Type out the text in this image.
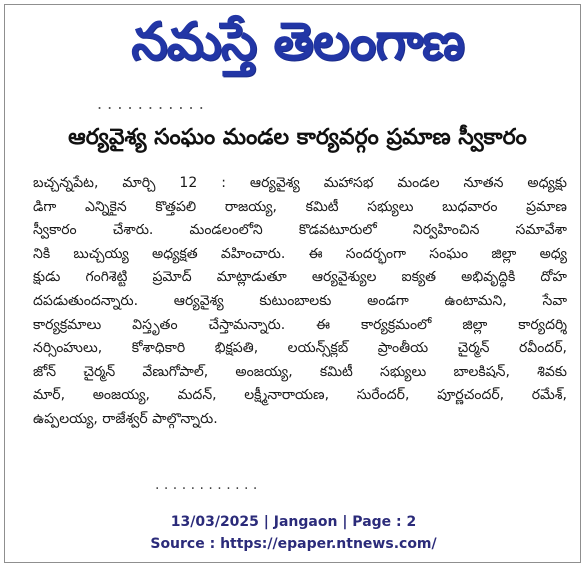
నమస్తే తెలంగాణ
. . . . . . . . . . .
ఆర్యవైశ్య సంఘం మండల కార్యవర్గం ప్రమాణ స్వీకారం
బచ్చన్నపేట, మార్చి 12 : ఆర్యవైశ్య మహాసభ మండల నూతన అధ్యక్షు
డిగా ఎన్నికైన కొత్తపలి రాజయ్య, కమిటీ సభ్యులు బుధవారం ప్రమాణ
స్వీకారం చేశారు. మండలంలోని కొడవటూరులో నిర్వహించిన సమావేశా
నికి బుచ్చయ్య అధ్యక్షత వహించారు. ఈ సందర్భంగా సంఘం జిల్లా అధ్య
క్షుడు గంగిశెట్టి ప్రమోద్ మాట్లాడుతూ ఆర్యవైశ్యుల ఐక్యత అభివృద్ధికి దోహ
దపడుతుందన్నారు. ఆర్యవైశ్య కుటుంబాలకు అండగా ఉంటామని, సేవా
కార్యక్రమాలు విస్తృతం చేస్తామన్నారు. ఈ కార్యక్రమంలో జిల్లా కార్యదర్శి
నర్సింహులు, కోశాధికారి భిక్షపతి, లయన్స్‌క్లబ్ ప్రాంతీయ చైర్మన్ రవీందర్,
జోన్ చైర్మన్ వేణుగోపాల్, అంజయ్య, కమిటీ సభ్యులు బాలకిషన్, శివకు
మార్, అంజయ్య, మదన్, లక్ష్మీనారాయణ, సురేందర్, పూర్ణచందర్, రమేశ్,
ఉప్పలయ్య, రాజేశ్వర్ పాల్గొన్నారు.
. . . . . . . . . . . .
13/03/2025 | Jangaon | Page : 2
Source : https://epaper.ntnews.com/
